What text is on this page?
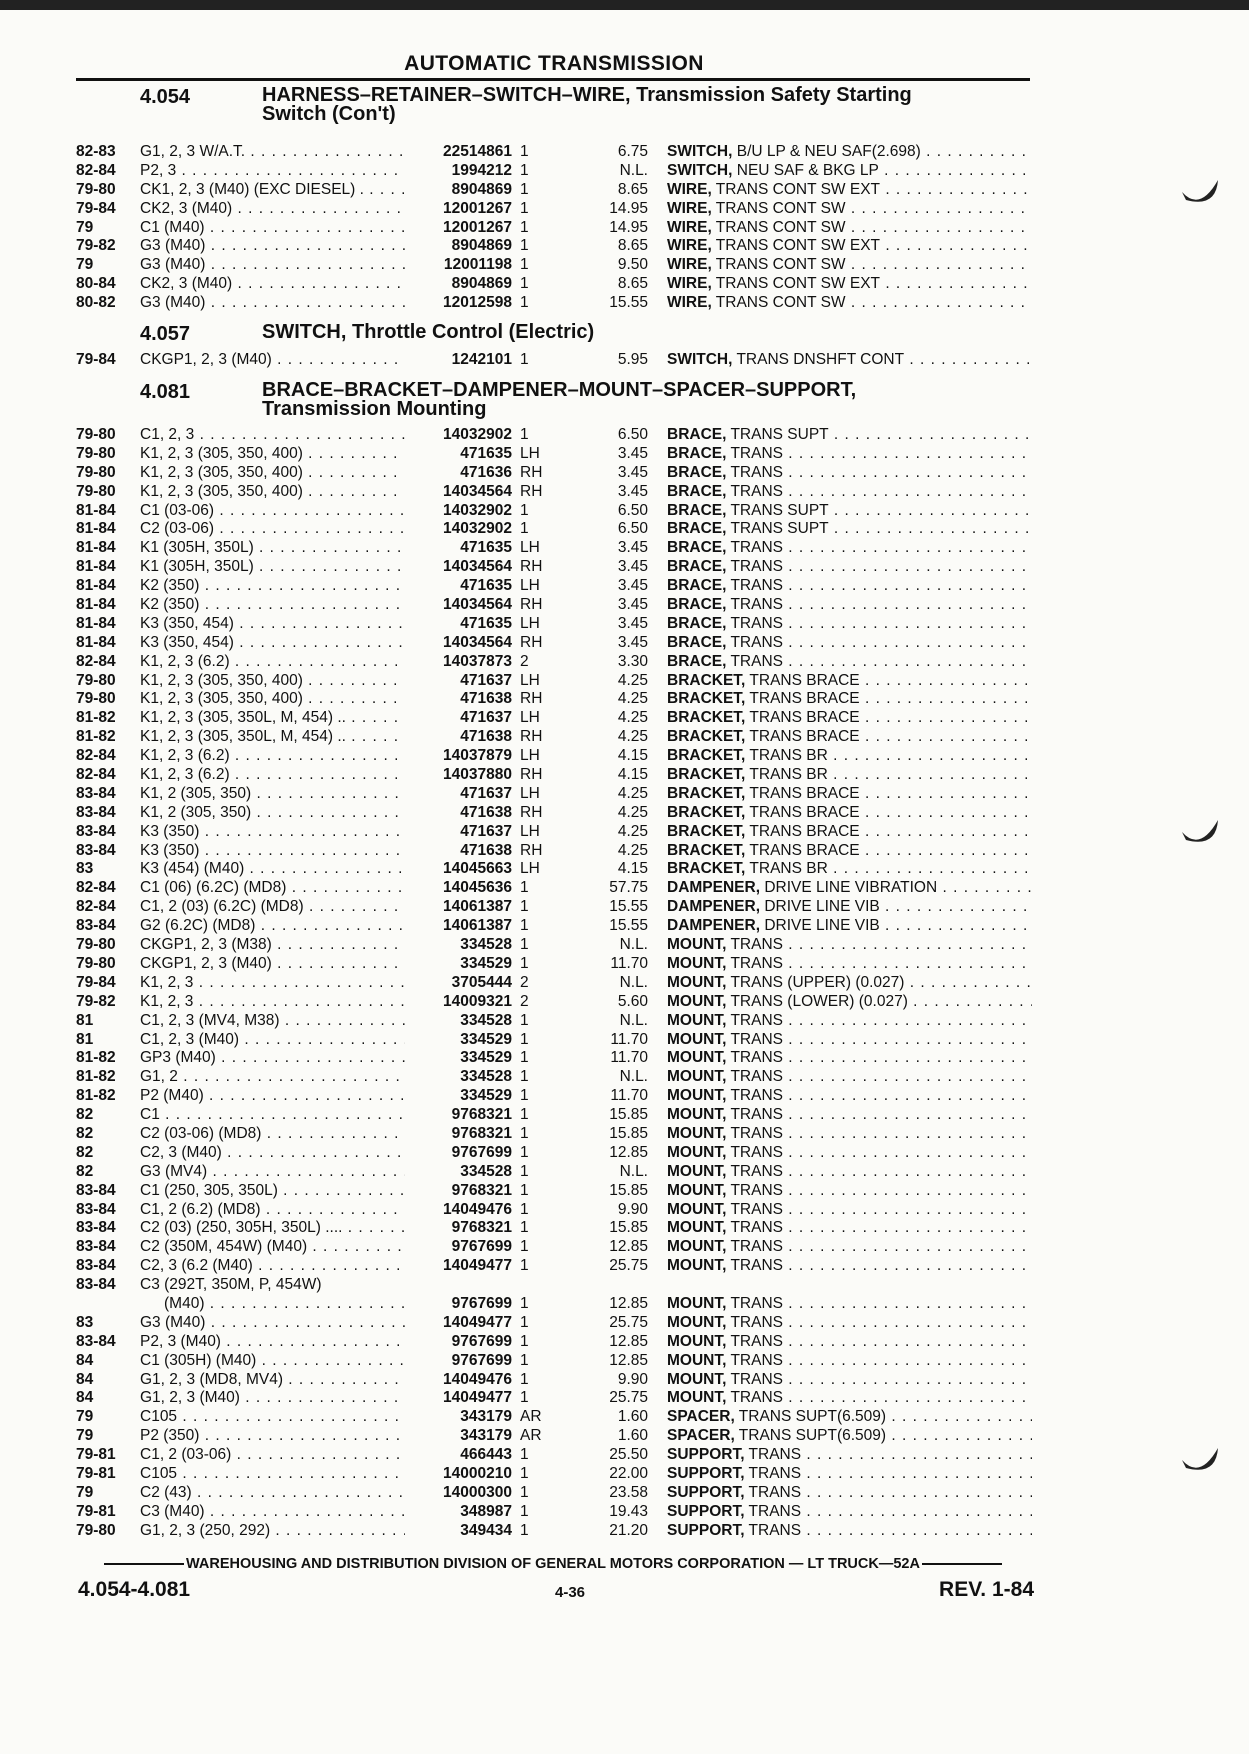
AUTOMATIC TRANSMISSION
4.054	HARNESS–RETAINER–SWITCH–WIRE, Transmission Safety Starting
Switch (Con't)
82-83 G1, 2, 3 W/A.T. . . .	22514861 1	6.75 SWITCH, B/U LP & NEU SAF(2.698) . . .
82-84 P2, 3 . . .	1994212 1	N.L. SWITCH, NEU SAF & BKG LP . . .
79-80 CK1, 2, 3 (M40) (EXC DIESEL) . . . .	8904869 1	8.65 WIRE, TRANS CONT SW EXT . . .
79-84 CK2, 3 (M40) . . .	12001267 1	14.95 WIRE, TRANS CONT SW . . .
79	C1 (M40) . . .	12001267 1	14.95 WIRE, TRANS CONT SW . . .
79-82 G3 (M40) . . .	8904869 1	8.65 WIRE, TRANS CONT SW EXT . . .
79	G3 (M40) . . .	12001198 1	9.50 WIRE, TRANS CONT SW . . .
80-84 CK2, 3 (M40) . . .	8904869 1	8.65 WIRE, TRANS CONT SW EXT . . .
80-82 G3 (M40) . . .	12012598 1	15.55 WIRE, TRANS CONT SW . . .
4.057	SWITCH, Throttle Control (Electric)
79-84 CKGP1, 2, 3 (M40) . . .	1242101 1	5.95 SWITCH, TRANS DNSHFT CONT . . .
4.081	BRACE–BRACKET–DAMPENER–MOUNT–SPACER–SUPPORT,
Transmission Mounting
79-80 C1, 2, 3 . . .	14032902 1	6.50 BRACE, TRANS SUPT . . .
79-80 K1, 2, 3 (305, 350, 400) . . .	471635 LH	3.45 BRACE, TRANS . . .
79-80 K1, 2, 3 (305, 350, 400) . . .	471636 RH	3.45 BRACE, TRANS . . .
79-80 K1, 2, 3 (305, 350, 400) . . .	14034564 RH	3.45 BRACE, TRANS . . .
81-84 C1 (03-06) . . .	14032902 1	6.50 BRACE, TRANS SUPT . . .
81-84 C2 (03-06) . . .	14032902 1	6.50 BRACE, TRANS SUPT . . .
81-84 K1 (305H, 350L) . . .	471635 LH	3.45 BRACE, TRANS . . .
81-84 K1 (305H, 350L) . . .	14034564 RH	3.45 BRACE, TRANS . . .
81-84 K2 (350) . . .	471635 LH	3.45 BRACE, TRANS . . .
81-84 K2 (350) . . .	14034564 RH	3.45 BRACE, TRANS . . .
81-84 K3 (350, 454) . . .	471635 LH	3.45 BRACE, TRANS . . .
81-84 K3 (350, 454) . . .	14034564 RH	3.45 BRACE, TRANS . . .
82-84 K1, 2, 3 (6.2) . . .	14037873 2	3.30 BRACE, TRANS . . .
79-80 K1, 2, 3 (305, 350, 400) . . .	471637 LH	4.25 BRACKET, TRANS BRACE . . .
79-80 K1, 2, 3 (305, 350, 400) . . .	471638 RH	4.25 BRACKET, TRANS BRACE . . .
81-82 K1, 2, 3 (305, 350L, M, 454) .. . . .	471637 LH	4.25 BRACKET, TRANS BRACE . . .
81-82 K1, 2, 3 (305, 350L, M, 454) .. . . .	471638 RH	4.25 BRACKET, TRANS BRACE . . .
82-84 K1, 2, 3 (6.2) . . .	14037879 LH	4.15 BRACKET, TRANS BR . . .
82-84 K1, 2, 3 (6.2) . . .	14037880 RH	4.15 BRACKET, TRANS BR . . .
83-84 K1, 2 (305, 350) . . .	471637 LH	4.25 BRACKET, TRANS BRACE . . .
83-84 K1, 2 (305, 350) . . .	471638 RH	4.25 BRACKET, TRANS BRACE . . .
83-84 K3 (350) . . .	471637 LH	4.25 BRACKET, TRANS BRACE . . .
83-84 K3 (350) . . .	471638 RH	4.25 BRACKET, TRANS BRACE . . .
83	K3 (454) (M40) . . .	14045663 LH	4.15 BRACKET, TRANS BR . . .
82-84 C1 (06) (6.2C) (MD8) . . .	14045636 1	57.75 DAMPENER, DRIVE LINE VIBRATION . . .
82-84 C1, 2 (03) (6.2C) (MD8) . . .	14061387 1	15.55 DAMPENER, DRIVE LINE VIB . . .
83-84 G2 (6.2C) (MD8) . . .	14061387 1	15.55 DAMPENER, DRIVE LINE VIB . . .
79-80 CKGP1, 2, 3 (M38) . . .	334528 1	N.L. MOUNT, TRANS . . .
79-80 CKGP1, 2, 3 (M40) . . .	334529 1	11.70 MOUNT, TRANS . . .
79-84 K1, 2, 3 . . .	3705444 2	N.L. MOUNT, TRANS (UPPER) (0.027) . . .
79-82 K1, 2, 3 . . .	14009321 2	5.60 MOUNT, TRANS (LOWER) (0.027) . . .
81	C1, 2, 3 (MV4, M38) . . .	334528 1	N.L. MOUNT, TRANS . . .
81	C1, 2, 3 (M40) . . .	334529 1	11.70 MOUNT, TRANS . . .
81-82 GP3 (M40) . . .	334529 1	11.70 MOUNT, TRANS . . .
81-82 G1, 2 . . .	334528 1	N.L. MOUNT, TRANS . . .
81-82 P2 (M40) . . .	334529 1	11.70 MOUNT, TRANS . . .
82	C1 . . .	9768321 1	15.85 MOUNT, TRANS . . .
82	C2 (03-06) (MD8) . . .	9768321 1	15.85 MOUNT, TRANS . . .
82	C2, 3 (M40) . . .	9767699 1	12.85 MOUNT, TRANS . . .
82	G3 (MV4) . . .	334528 1	N.L. MOUNT, TRANS . . .
83-84 C1 (250, 305, 350L) . . .	9768321 1	15.85 MOUNT, TRANS . . .
83-84 C1, 2 (6.2) (MD8) . . .	14049476 1	9.90 MOUNT, TRANS . . .
83-84 C2 (03) (250, 305H, 350L) .... . . .	9768321 1	15.85 MOUNT, TRANS . . .
83-84 C2 (350M, 454W) (M40) . . .	9767699 1	12.85 MOUNT, TRANS . . .
83-84 C2, 3 (6.2 (M40) . . .	14049477 1	25.75 MOUNT, TRANS . . .
83-84 C3 (292T, 350M, P, 454W)
(M40) . . .	9767699 1	12.85 MOUNT, TRANS . . .
83	G3 (M40) . . .	14049477 1	25.75 MOUNT, TRANS . . .
83-84 P2, 3 (M40) . . .	9767699 1	12.85 MOUNT, TRANS . . .
84	C1 (305H) (M40) . . .	9767699 1	12.85 MOUNT, TRANS . . .
84	G1, 2, 3 (MD8, MV4) . . .	14049476 1	9.90 MOUNT, TRANS . . .
84	G1, 2, 3 (M40) . . .	14049477 1	25.75 MOUNT, TRANS . . .
79	C105 . . .	343179 AR	1.60 SPACER, TRANS SUPT(6.509) . . .
79	P2 (350) . . .	343179 AR	1.60 SPACER, TRANS SUPT(6.509) . . .
79-81 C1, 2 (03-06) . . .	466443 1	25.50 SUPPORT, TRANS . . .
79-81 C105 . . .	14000210 1	22.00 SUPPORT, TRANS . . .
79	C2 (43) . . .	14000300 1	23.58 SUPPORT, TRANS . . .
79-81 C3 (M40) . . .	348987 1	19.43 SUPPORT, TRANS . . .
79-80 G1, 2, 3 (250, 292) . . .	349434 1	21.20 SUPPORT, TRANS . . .
WAREHOUSING AND DISTRIBUTION DIVISION OF GENERAL MOTORS CORPORATION — LT TRUCK—52A
4.054-4.081	4-36	REV. 1-84
